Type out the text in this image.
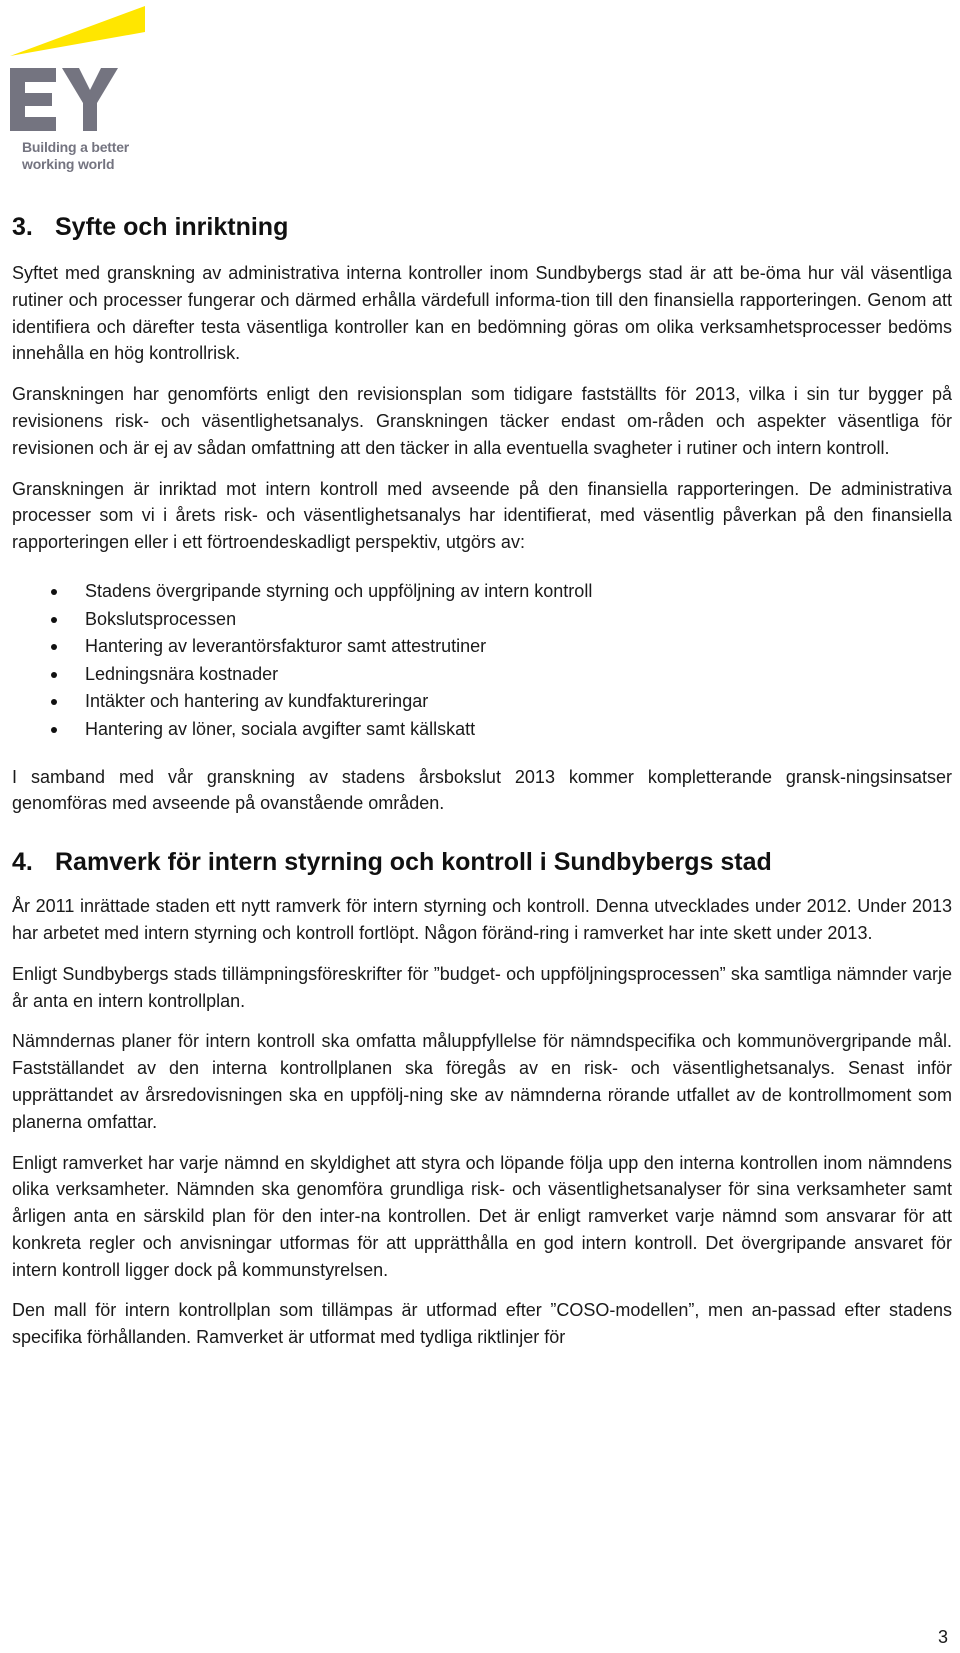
Building a better
working world
3. Syfte och inriktning

Syftet med granskning av administrativa interna kontroller inom Sundbybergs stad är att be-öma hur väl väsentliga rutiner och processer fungerar och därmed erhålla värdefull informa-tion till den finansiella rapporteringen. Genom att identifiera och därefter testa väsentliga kontroller kan en bedömning göras om olika verksamhetsprocesser bedöms innehålla en hög kontrollrisk.

Granskningen har genomförts enligt den revisionsplan som tidigare fastställts för 2013, vilka i sin tur bygger på revisionens risk- och väsentlighetsanalys. Granskningen täcker endast om-råden och aspekter väsentliga för revisionen och är ej av sådan omfattning att den täcker in alla eventuella svagheter i rutiner och intern kontroll.

Granskningen är inriktad mot intern kontroll med avseende på den finansiella rapporteringen. De administrativa processer som vi i årets risk- och väsentlighetsanalys har identifierat, med väsentlig påverkan på den finansiella rapporteringen eller i ett förtroendeskadligt perspektiv, utgörs av:

Stadens övergripande styrning och uppföljning av intern kontroll
Bokslutsprocessen
Hantering av leverantörsfakturor samt attestrutiner
Ledningsnära kostnader
Intäkter och hantering av kundfaktureringar
Hantering av löner, sociala avgifter samt källskatt

I samband med vår granskning av stadens årsbokslut 2013 kommer kompletterande gransk-ningsinsatser genomföras med avseende på ovanstående områden.

4. Ramverk för intern styrning och kontroll i Sundbybergs stad

År 2011 inrättade staden ett nytt ramverk för intern styrning och kontroll. Denna utvecklades under 2012. Under 2013 har arbetet med intern styrning och kontroll fortlöpt. Någon föränd-ring i ramverket har inte skett under 2013.

Enligt Sundbybergs stads tillämpningsföreskrifter för ”budget- och uppföljningsprocessen” ska samtliga nämnder varje år anta en intern kontrollplan.

Nämndernas planer för intern kontroll ska omfatta måluppfyllelse för nämndspecifika och kommunövergripande mål. Fastställandet av den interna kontrollplanen ska föregås av en risk- och väsentlighetsanalys. Senast inför upprättandet av årsredovisningen ska en uppfölj-ning ske av nämnderna rörande utfallet av de kontrollmoment som planerna omfattar.

Enligt ramverket har varje nämnd en skyldighet att styra och löpande följa upp den interna kontrollen inom nämndens olika verksamheter. Nämnden ska genomföra grundliga risk- och väsentlighetsanalyser för sina verksamheter samt årligen anta en särskild plan för den inter-na kontrollen. Det är enligt ramverket varje nämnd som ansvarar för att konkreta regler och anvisningar utformas för att upprätthålla en god intern kontroll. Det övergripande ansvaret för intern kontroll ligger dock på kommunstyrelsen.

Den mall för intern kontrollplan som tillämpas är utformad efter ”COSO-modellen”, men an-passad efter stadens specifika förhållanden. Ramverket är utformat med tydliga riktlinjer för

3
